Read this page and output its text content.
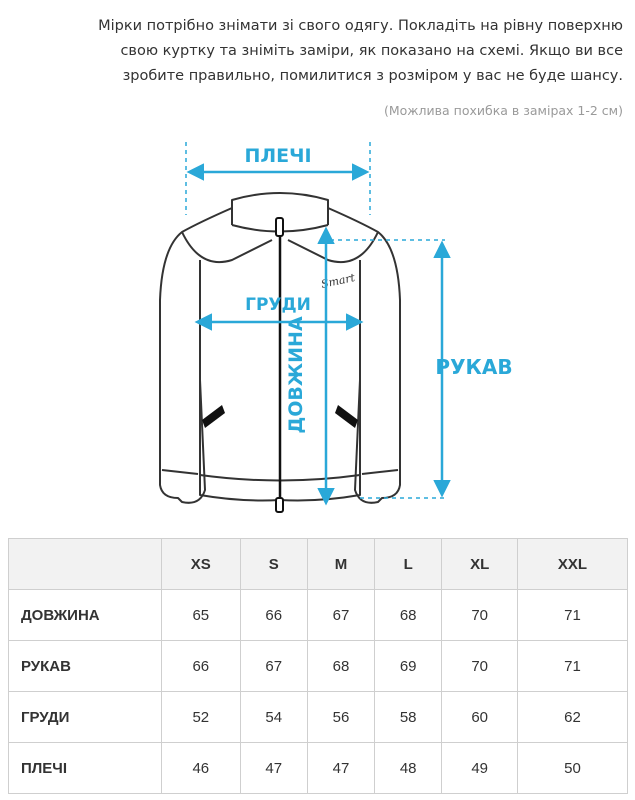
Мірки потрібно знімати зі свого одягу. Покладіть на рівну поверхню
свою куртку та зніміть заміри, як показано на схемі. Якщо ви все
зробите правильно, помилитися з розміром у вас не буде шансу.

(Можлива похибка в замірах 1-2 см)
Smart
ПЛЕЧІ
ГРУДИ
ДОВЖИНА	РУКАВ
	XS	S	M	L	XL	XXL
ДОВЖИНА	65	66	67	68	70	71
РУКАВ	66	67	68	69	70	71
ГРУДИ	52	54	56	58	60	62
ПЛЕЧІ	46	47	47	48	49	50
